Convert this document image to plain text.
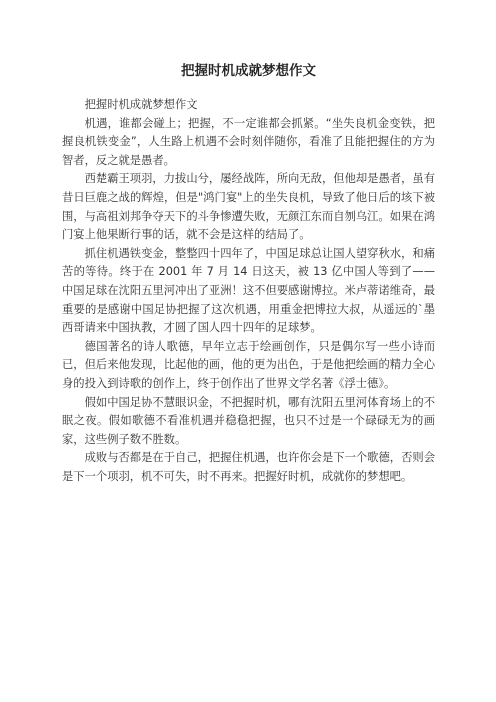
把握时机成就梦想作文

把握时机成就梦想作文

机遇，谁都会碰上；把握，不一定谁都会抓紧。“坐失良机金变铁，把握良机铁变金”，人生路上机遇不会时刻伴随你，看准了且能把握住的方为智者，反之就是愚者。

西楚霸王项羽，力拔山兮，屡经战阵，所向无敌，但他却是愚者，虽有昔日巨鹿之战的辉煌，但是"鸿门宴"上的坐失良机，导致了他日后的垓下被围，与高祖刘邦争夺天下的斗争惨遭失败，无颜江东而自刎乌江。如果在鸿门宴上他果断行事的话，就不会是这样的结局了。

抓住机遇铁变金，整整四十四年了，中国足球总让国人望穿秋水，和痛苦的等待。终于在 2001 年 7 月 14 日这天，被 13 亿中国人等到了——中国足球在沈阳五里河冲出了亚洲！这不但要感谢博拉。米卢蒂诺维奇，最重要的是感谢中国足协把握了这次机遇，用重金把博拉大叔，从遥远的`墨西哥请来中国执教，才圆了国人四十四年的足球梦。

德国著名的诗人歌德，早年立志于绘画创作，只是偶尔写一些小诗而已，但后来他发现，比起他的画，他的更为出色，于是他把绘画的精力全心身的投入到诗歌的创作上，终于创作出了世界文学名著《浮士德》。

假如中国足协不慧眼识金，不把握时机，哪有沈阳五里河体育场上的不眠之夜。假如歌德不看准机遇并稳稳把握，也只不过是一个碌碌无为的画家，这些例子数不胜数。

成败与否都是在于自己，把握住机遇，也许你会是下一个歌德，否则会是下一个项羽，机不可失，时不再来。把握好时机，成就你的梦想吧。
